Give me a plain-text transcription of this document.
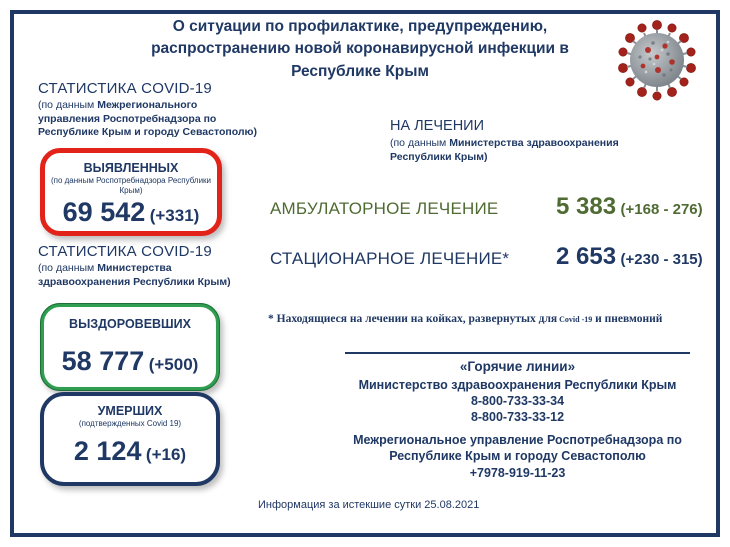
О ситуации по профилактике, предупреждению, распространению новой коронавирусной инфекции в Республике Крым
СТАТИСТИКА COVID-19
(по данным Межрегионального управления Роспотребнадзора по Республике Крым и городу Севастополю)
ВЫЯВЛЕННЫХ
(по данным Роспотребнадзора Республики Крым)
69 542 (+331)
СТАТИСТИКА COVID-19
(по данным Министерства здравоохранения Республики Крым)
ВЫЗДОРОВЕВШИХ
58 777 (+500)
УМЕРШИХ
(подтвержденных Covid 19)
2 124 (+16)
НА ЛЕЧЕНИИ
(по данным Министерства здравоохранения Республики Крым)
АМБУЛАТОРНОЕ ЛЕЧЕНИЕ 5 383 (+168 - 276)
СТАЦИОНАРНОЕ ЛЕЧЕНИЕ* 2 653 (+230 - 315)
* Находящиеся на лечении на койках, развернутых для Covid -19 и пневмоний
«Горячие линии»
Министерство здравоохранения Республики Крым
8-800-733-33-34
8-800-733-33-12
Межрегиональное управление Роспотребнадзора по Республике Крым и городу Севастополю
+7978-919-11-23
Информация за истекшие сутки 25.08.2021
